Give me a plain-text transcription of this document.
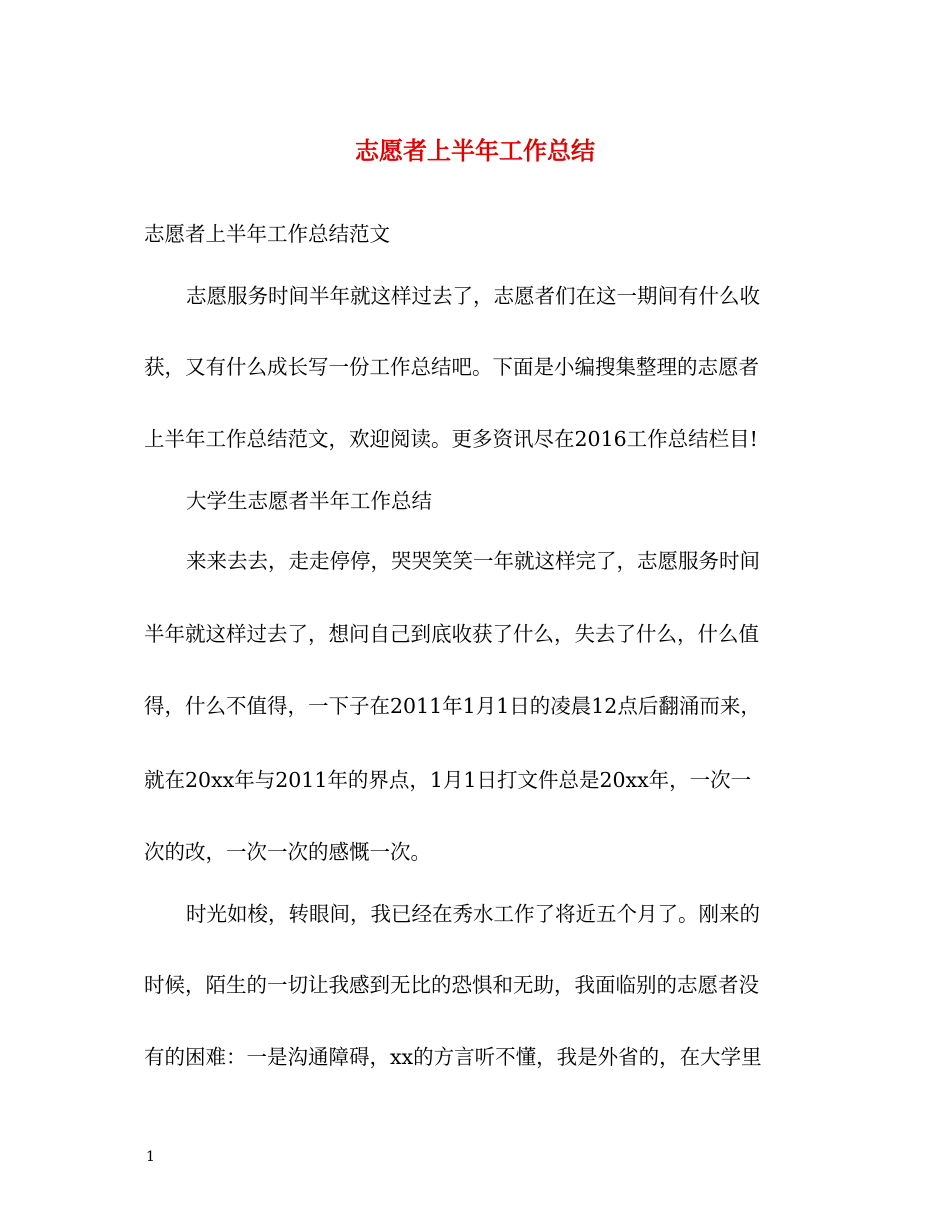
志愿者上半年工作总结

志愿者上半年工作总结范文

志愿服务时间半年就这样过去了，志愿者们在这一期间有什么收

获，又有什么成长写一份工作总结吧。下面是小编搜集整理的志愿者

上半年工作总结范文，欢迎阅读。更多资讯尽在2016工作总结栏目!

大学生志愿者半年工作总结

来来去去，走走停停，哭哭笑笑一年就这样完了，志愿服务时间

半年就这样过去了，想问自己到底收获了什么，失去了什么，什么值

得，什么不值得，一下子在2011年1月1日的凌晨12点后翻涌而来，

就在20xx年与2011年的界点，1月1日打文件总是20xx年，一次一

次的改，一次一次的感慨一次。

时光如梭，转眼间，我已经在秀水工作了将近五个月了。刚来的

时候，陌生的一切让我感到无比的恐惧和无助，我面临别的志愿者没

有的困难：一是沟通障碍，xx的方言听不懂，我是外省的，在大学里

1
